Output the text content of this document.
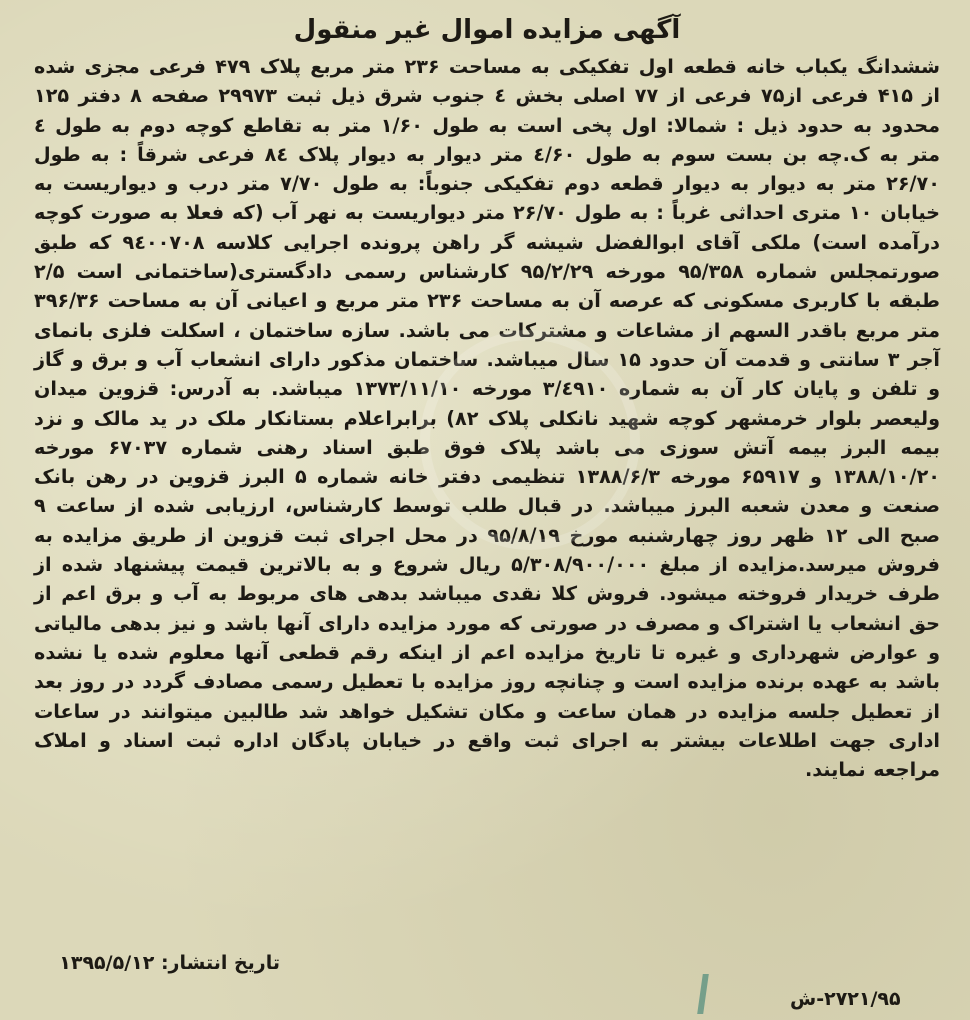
آگهی مزایده اموال غیر منقول

ششدانگ یکباب خانه قطعه اول تفکیکی به مساحت ۲۳۶ متر مربع پلاک ۴۷۹ فرعی مجزی شده از ۴۱۵ فرعی از۷۵ فرعی از ۷۷ اصلی بخش ٤ جنوب شرق ذیل ثبت ۲۹۹۷۳ صفحه ۸ دفتر ۱۲۵ محدود به حدود ذیل : شمالا: اول پخی است به طول ۱/۶۰ متر به تقاطع کوچه دوم به طول ٤ متر به ک.چه بن بست سوم به طول ٤/۶۰ متر دیوار به دیوار پلاک ۸٤ فرعی شرقاً : به طول ۲۶/۷۰ متر به دیوار به دیوار قطعه دوم تفکیکی جنوباً: به طول ۷/۷۰ متر درب و دیواریست به خیابان ۱۰ متری احداثی غرباً : به طول ۲۶/۷۰ متر دیواریست به نهر آب (که فعلا به صورت کوچه درآمده است) ملکی آقای ابوالفضل شیشه گر راهن پرونده اجرایی کلاسه ۹٤۰۰۷۰۸ که طبق صورتمجلس شماره ۹۵/۳۵۸ مورخه ۹۵/۲/۲۹ کارشناس رسمی دادگستری(ساختمانی است ۲/۵ طبقه با کاربری مسکونی که عرصه آن به مساحت ۲۳۶ متر مربع و اعیانی آن به مساحت ۳۹۶/۳۶ متر مربع باقدر السهم از مشاعات و مشترکات می باشد. سازه ساختمان ، اسکلت فلزی بانمای آجر ۳ سانتی و قدمت آن حدود ۱۵ سال میباشد. ساختمان مذکور دارای انشعاب آب و برق و گاز و تلفن و پایان کار آن به شماره ۳/٤۹۱۰ مورخه ۱۳۷۳/۱۱/۱۰ میباشد. به آدرس: قزوین میدان ولیعصر بلوار خرمشهر کوچه شهید نانکلی پلاک ۸۲) برابراعلام بستانکار ملک در ید مالک و نزد بیمه البرز بیمه آتش سوزی می باشد پلاک فوق طبق اسناد رهنی شماره ۶۷۰۳۷ مورخه ۱۳۸۸/۱۰/۲۰ و ۶۵۹۱۷ مورخه ۱۳۸۸/۶/۳ تنظیمی دفتر خانه شماره ۵ البرز قزوین در رهن بانک صنعت و معدن شعبه البرز میباشد. در قبال طلب توسط کارشناس، ارزیابی شده از ساعت ۹ صبح الی ۱۲ ظهر روز چهارشنبه مورخ ۹۵/۸/۱۹ در محل اجرای ثبت قزوین از طریق مزایده به فروش میرسد.مزایده از مبلغ ۵/۳۰۸/۹۰۰/۰۰۰ ریال شروع و به بالاترین قیمت پیشنهاد شده از طرف خریدار فروخته میشود. فروش کلا نقدی میباشد بدهی های مربوط به آب و برق اعم از حق انشعاب یا اشتراک و مصرف در صورتی که مورد مزایده دارای آنها باشد و نیز بدهی مالیاتی و عوارض شهرداری و غیره تا تاریخ مزایده اعم از اینکه رقم قطعی آنها معلوم شده یا نشده باشد به عهده برنده مزایده است و چنانچه روز مزایده با تعطیل رسمی مصادف گردد در روز بعد از تعطیل جلسه مزایده در همان ساعت و مکان تشکیل خواهد شد طالبین میتوانند در ساعات اداری جهت اطلاعات بیشتر به اجرای ثبت واقع در خیابان پادگان اداره ثبت اسناد و املاک مراجعه نمایند.

تاریخ انتشار: ۱۳۹۵/۵/۱۲
۲۷۲۱/۹۵-ش
